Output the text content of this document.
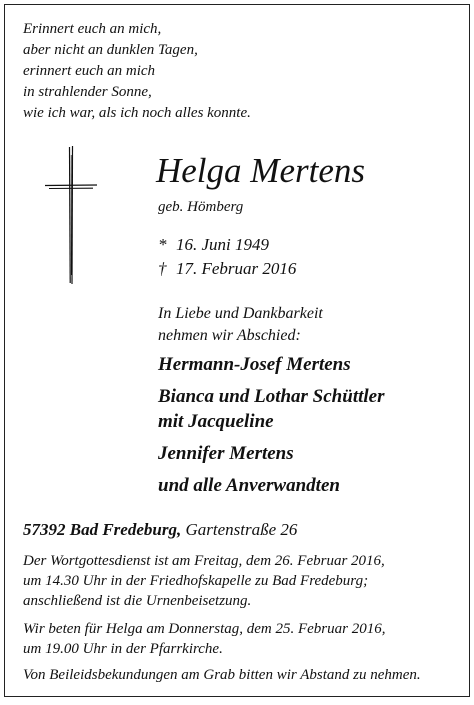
Erinnert euch an mich,
aber nicht an dunklen Tagen,
erinnert euch an mich
in strahlender Sonne,
wie ich war, als ich noch alles konnte.
Helga Mertens
geb. Hömberg
* 16. Juni 1949
† 17. Februar 2016
In Liebe und Dankbarkeit
nehmen wir Abschied:
Hermann-Josef Mertens
Bianca und Lothar Schüttler
mit Jacqueline
Jennifer Mertens
und alle Anverwandten
57392 Bad Fredeburg, Gartenstraße 26
Der Wortgottesdienst ist am Freitag, dem 26. Februar 2016,
um 14.30 Uhr in der Friedhofskapelle zu Bad Fredeburg;
anschließend ist die Urnenbeisetzung.
Wir beten für Helga am Donnerstag, dem 25. Februar 2016,
um 19.00 Uhr in der Pfarrkirche.
Von Beileidsbekundungen am Grab bitten wir Abstand zu nehmen.
